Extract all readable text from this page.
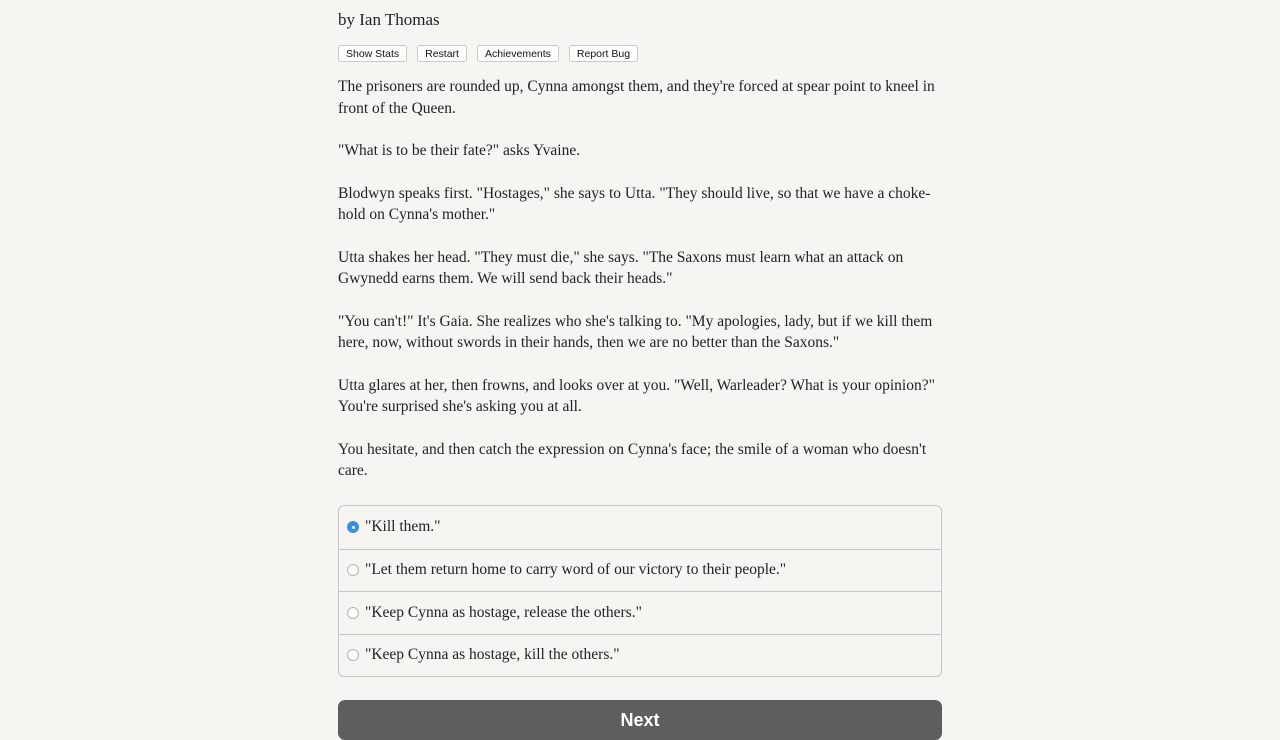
by Ian Thomas
Show Stats	Restart	Achievements	Report Bug

The prisoners are rounded up, Cynna amongst them, and they're forced at spear point to kneel in front of the Queen.

"What is to be their fate?" asks Yvaine.

Blodwyn speaks first. "Hostages," she says to Utta. "They should live, so that we have a choke-hold on Cynna's mother."

Utta shakes her head. "They must die," she says. "The Saxons must learn what an attack on Gwynedd earns them. We will send back their heads."

"You can't!" It's Gaia. She realizes who she's talking to. "My apologies, lady, but if we kill them here, now, without swords in their hands, then we are no better than the Saxons."

Utta glares at her, then frowns, and looks over at you. "Well, Warleader? What is your opinion?" You're surprised she's asking you at all.

You hesitate, and then catch the expression on Cynna's face; the smile of a woman who doesn't care.

"Kill them."
"Let them return home to carry word of our victory to their people."
"Keep Cynna as hostage, release the others."
"Keep Cynna as hostage, kill the others."
Next
